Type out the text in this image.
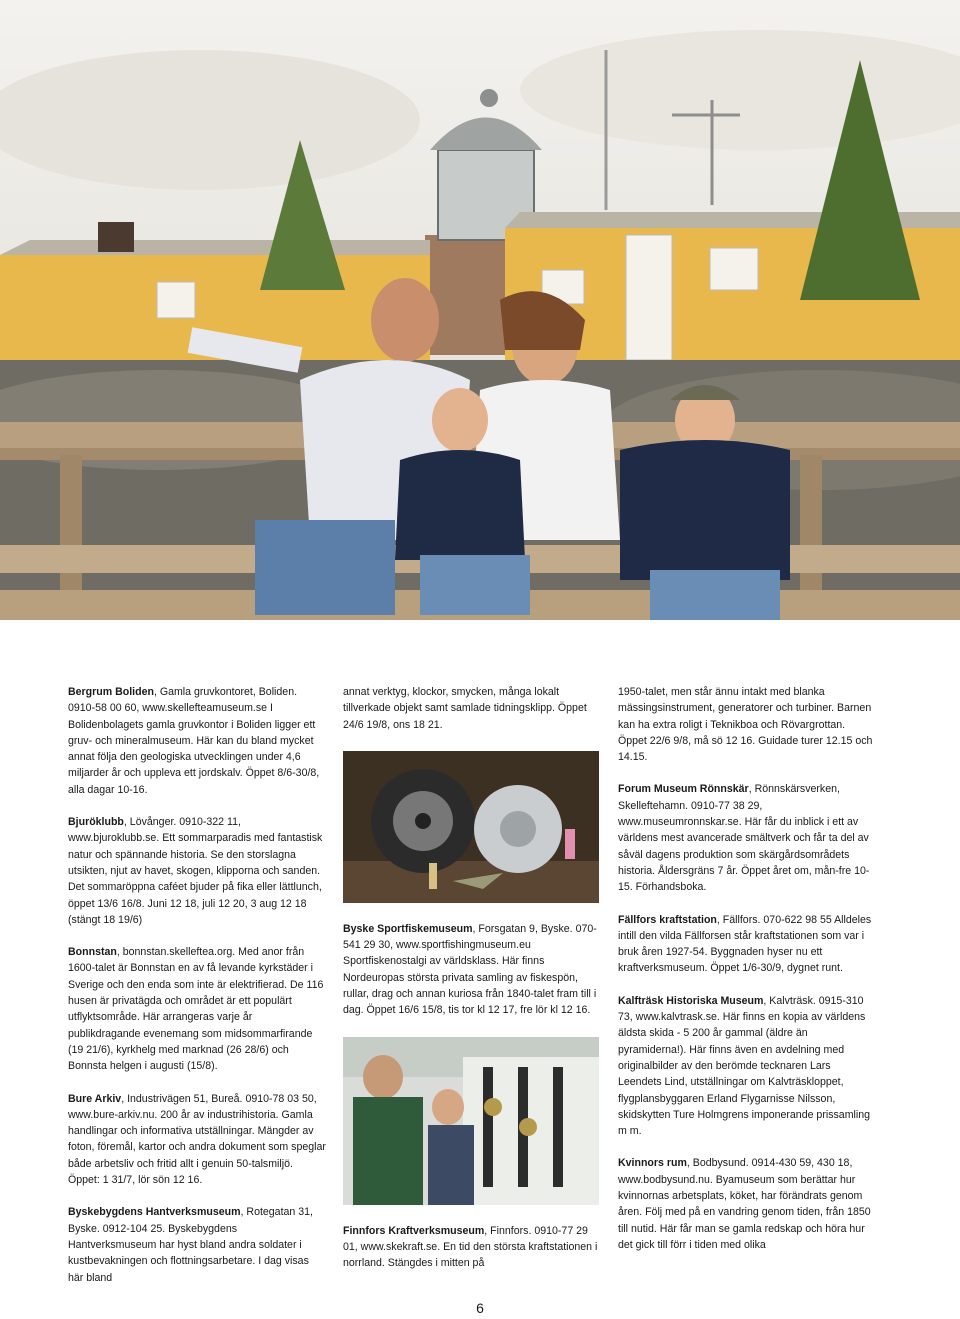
Bergrum Boliden, Gamla gruvkontoret, Boliden. 0910-58 00 60, www.skellefteamuseum.se I Bolidenbolagets gamla gruvkontor i Boliden ligger ett gruv- och mineralmuseum. Här kan du bland mycket annat följa den geologiska utvecklingen under 4,6 miljarder år och uppleva ett jordskalv. Öppet 8/6-30/8, alla dagar 10-16.

Bjuröklubb, Lövånger. 0910-322 11, www.bjuroklubb.se. Ett sommarparadis med fantastisk natur och spännande historia. Se den storslagna utsikten, njut av havet, skogen, klipporna och sanden. Det sommaröppna caféet bjuder på fika eller lättlunch, öppet 13/6 16/8. Juni 12 18, juli 12 20, 3 aug 12 18 (stängt 18 19/6)

Bonnstan, bonnstan.skelleftea.org. Med anor från 1600-talet är Bonnstan en av få levande kyrkstäder i Sverige och den enda som inte är elektrifierad. De 116 husen är privatägda och området är ett populärt utflyktsområde. Här arrangeras varje år publikdragande evenemang som midsommarfirande (19 21/6), kyrkhelg med marknad (26 28/6) och Bonnsta helgen i augusti (15/8).

Bure Arkiv, Industrivägen 51, Bureå. 0910-78 03 50, www.bure-arkiv.nu. 200 år av industrihistoria. Gamla handlingar och informativa utställningar. Mängder av foton, föremål, kartor och andra dokument som speglar både arbetsliv och fritid allt i genuin 50-talsmiljö. Öppet: 1 31/7, lör sön 12 16.

Byskebygdens Hantverksmuseum, Rotegatan 31, Byske. 0912-104 25. Byskebygdens Hantverksmuseum har hyst bland andra soldater i kustbevakningen och flottningsarbetare. I dag visas här bland

annat verktyg, klockor, smycken, många lokalt tillverkade objekt samt samlade tidningsklipp. Öppet 24/6 19/8, ons 18 21.

Byske Sportfiskemuseum, Forsgatan 9, Byske. 070-541 29 30, www.sportfishingmuseum.eu Sportfiskenostalgi av världsklass. Här finns Nordeuropas största privata samling av fiskespön, rullar, drag och annan kuriosa från 1840-talet fram till i dag. Öppet 16/6 15/8, tis tor kl 12 17, fre lör kl 12 16.

Finnfors Kraftverksmuseum, Finnfors. 0910-77 29 01, www.skekraft.se. En tid den största kraftstationen i norrland. Stängdes i mitten på

1950-talet, men står ännu intakt med blanka mässingsinstrument, generatorer och turbiner. Barnen kan ha extra roligt i Teknikboa och Rövargrottan. Öppet 22/6 9/8, må sö 12 16. Guidade turer 12.15 och 14.15.

Forum Museum Rönnskär, Rönnskärsverken, Skelleftehamn. 0910-77 38 29, www.museumronnskar.se. Här får du inblick i ett av världens mest avancerade smältverk och får ta del av såväl dagens produktion som skärgårdsområdets historia. Åldersgräns 7 år. Öppet året om, mån-fre 10-15. Förhandsboka.

Fällfors kraftstation, Fällfors. 070-622 98 55 Alldeles intill den vilda Fällforsen står kraftstationen som var i bruk åren 1927-54. Byggnaden hyser nu ett kraftverksmuseum. Öppet 1/6-30/9, dygnet runt.

Kalfträsk Historiska Museum, Kalvträsk. 0915-310 73, www.kalvtrask.se. Här finns en kopia av världens äldsta skida - 5 200 år gammal (äldre än pyramiderna!). Här finns även en avdelning med originalbilder av den berömde tecknaren Lars Leendets Lind, utställningar om Kalvträskloppet, flygplansbyggaren Erland Flygarnisse Nilsson, skidskytten Ture Holmgrens imponerande prissamling m m.

Kvinnors rum, Bodbysund. 0914-430 59, 430 18, www.bodbysund.nu. Byamuseum som berättar hur kvinnornas arbetsplats, köket, har förändrats genom åren. Följ med på en vandring genom tiden, från 1850 till nutid. Här får man se gamla redskap och höra hur det gick till förr i tiden med olika

6
